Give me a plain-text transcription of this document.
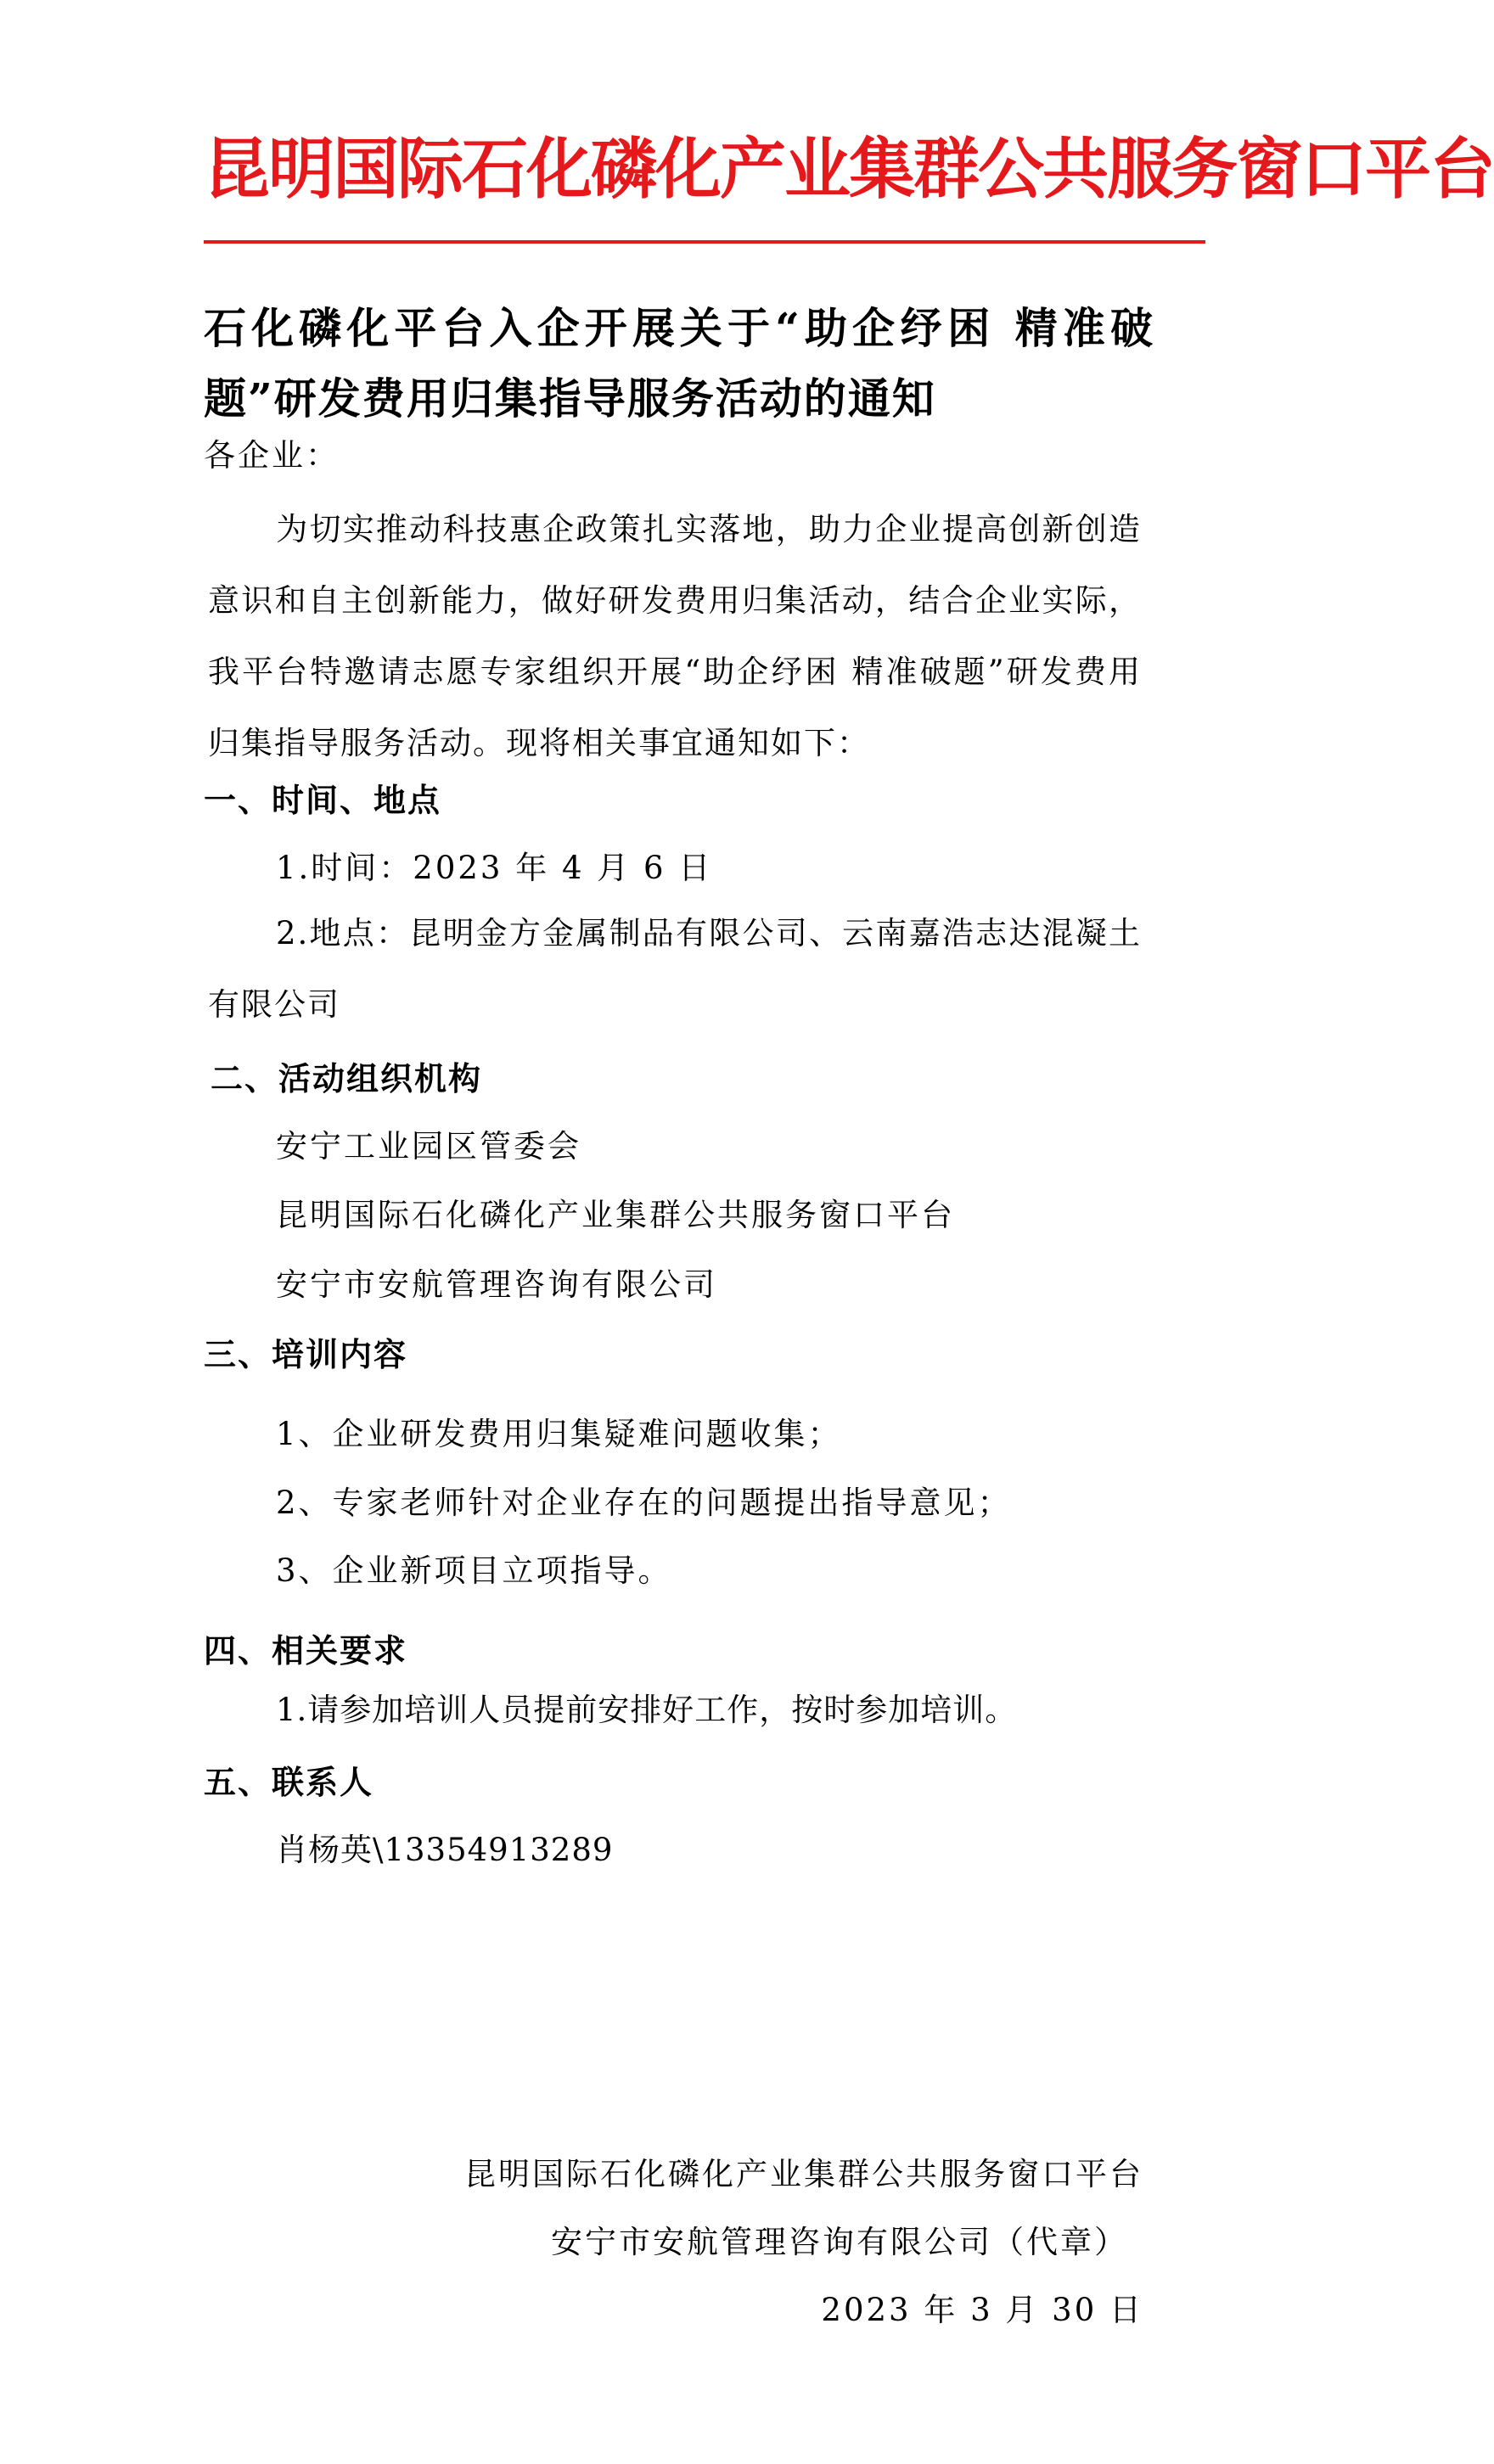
昆明国际石化磷化产业集群公共服务窗口平台
石化磷化平台入企开展关于“助企纾困 精准破题”研发费用归集指导服务活动的通知
各企业：
为切实推动科技惠企政策扎实落地，助力企业提高创新创造意识和自主创新能力，做好研发费用归集活动，结合企业实际，我平台特邀请志愿专家组织开展“助企纾困 精准破题”研发费用归集指导服务活动。现将相关事宜通知如下：
一、时间、地点
1.时间：2023 年 4 月 6 日
2.地点：昆明金方金属制品有限公司、云南嘉浩志达混凝土有限公司
二、活动组织机构
安宁工业园区管委会
昆明国际石化磷化产业集群公共服务窗口平台
安宁市安航管理咨询有限公司
三、培训内容
1、企业研发费用归集疑难问题收集；
2、专家老师针对企业存在的问题提出指导意见；
3、企业新项目立项指导。
四、相关要求
1.请参加培训人员提前安排好工作，按时参加培训。
五、联系人
肖杨英\13354913289
昆明国际石化磷化产业集群公共服务窗口平台
安宁市安航管理咨询有限公司（代章）
2023 年 3 月 30 日
